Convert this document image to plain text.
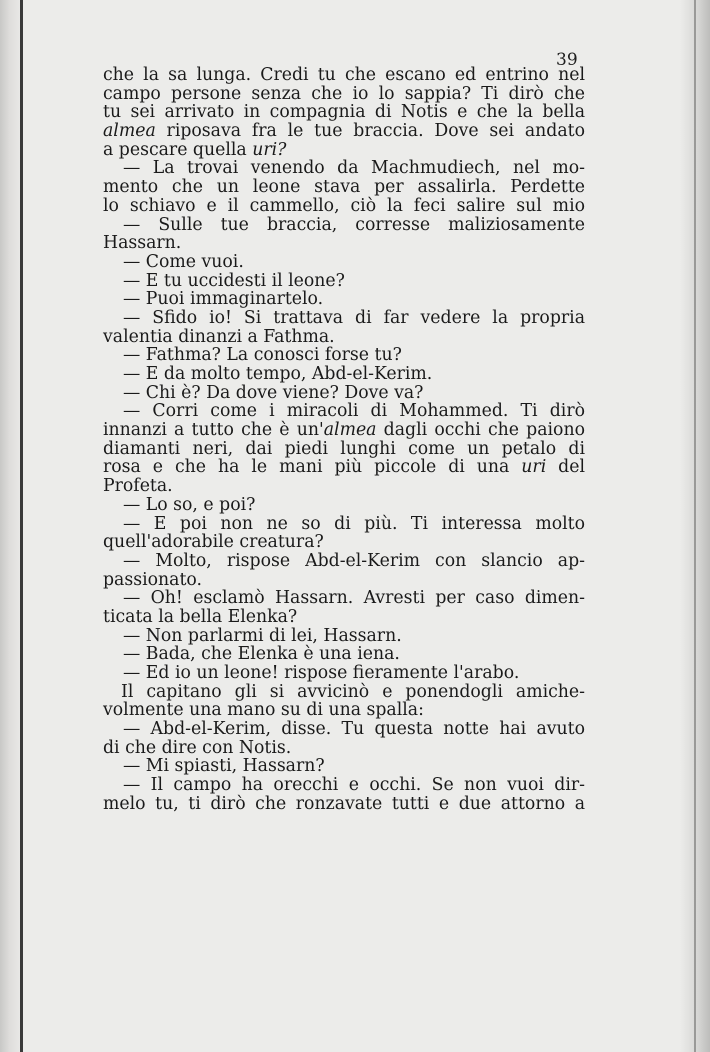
39
che la sa lunga. Credi tu che escano ed entrino nel
campo persone senza che io lo sappia? Ti dirò che
tu sei arrivato in compagnia di Notis e che la bella
almea riposava fra le tue braccia. Dove sei andato
a pescare quella uri?
— La trovai venendo da Machmudiech, nel mo-
mento che un leone stava per assalirla. Perdette
lo schiavo e il cammello, ciò la feci salire sul mio
— Sulle tue braccia, corresse maliziosamente
Hassarn.
— Come vuoi.
— E tu uccidesti il leone?
— Puoi immaginartelo.
— Sfido io! Si trattava di far vedere la propria
valentia dinanzi a Fathma.
— Fathma? La conosci forse tu?
— E da molto tempo, Abd-el-Kerim.
— Chi è? Da dove viene? Dove va?
— Corri come i miracoli di Mohammed. Ti dirò
innanzi a tutto che è un'almea dagli occhi che paiono
diamanti neri, dai piedi lunghi come un petalo di
rosa e che ha le mani più piccole di una uri del
Profeta.
— Lo so, e poi?
— E poi non ne so di più. Ti interessa molto
quell'adorabile creatura?
— Molto, rispose Abd-el-Kerim con slancio ap-
passionato.
— Oh! esclamò Hassarn. Avresti per caso dimen-
ticata la bella Elenka?
— Non parlarmi di lei, Hassarn.
— Bada, che Elenka è una iena.
— Ed io un leone! rispose fieramente l'arabo.
Il capitano gli si avvicinò e ponendogli amiche-
volmente una mano su di una spalla:
— Abd-el-Kerim, disse. Tu questa notte hai avuto
di che dire con Notis.
— Mi spiasti, Hassarn?
— Il campo ha orecchi e occhi. Se non vuoi dir-
melo tu, ti dirò che ronzavate tutti e due attorno a
